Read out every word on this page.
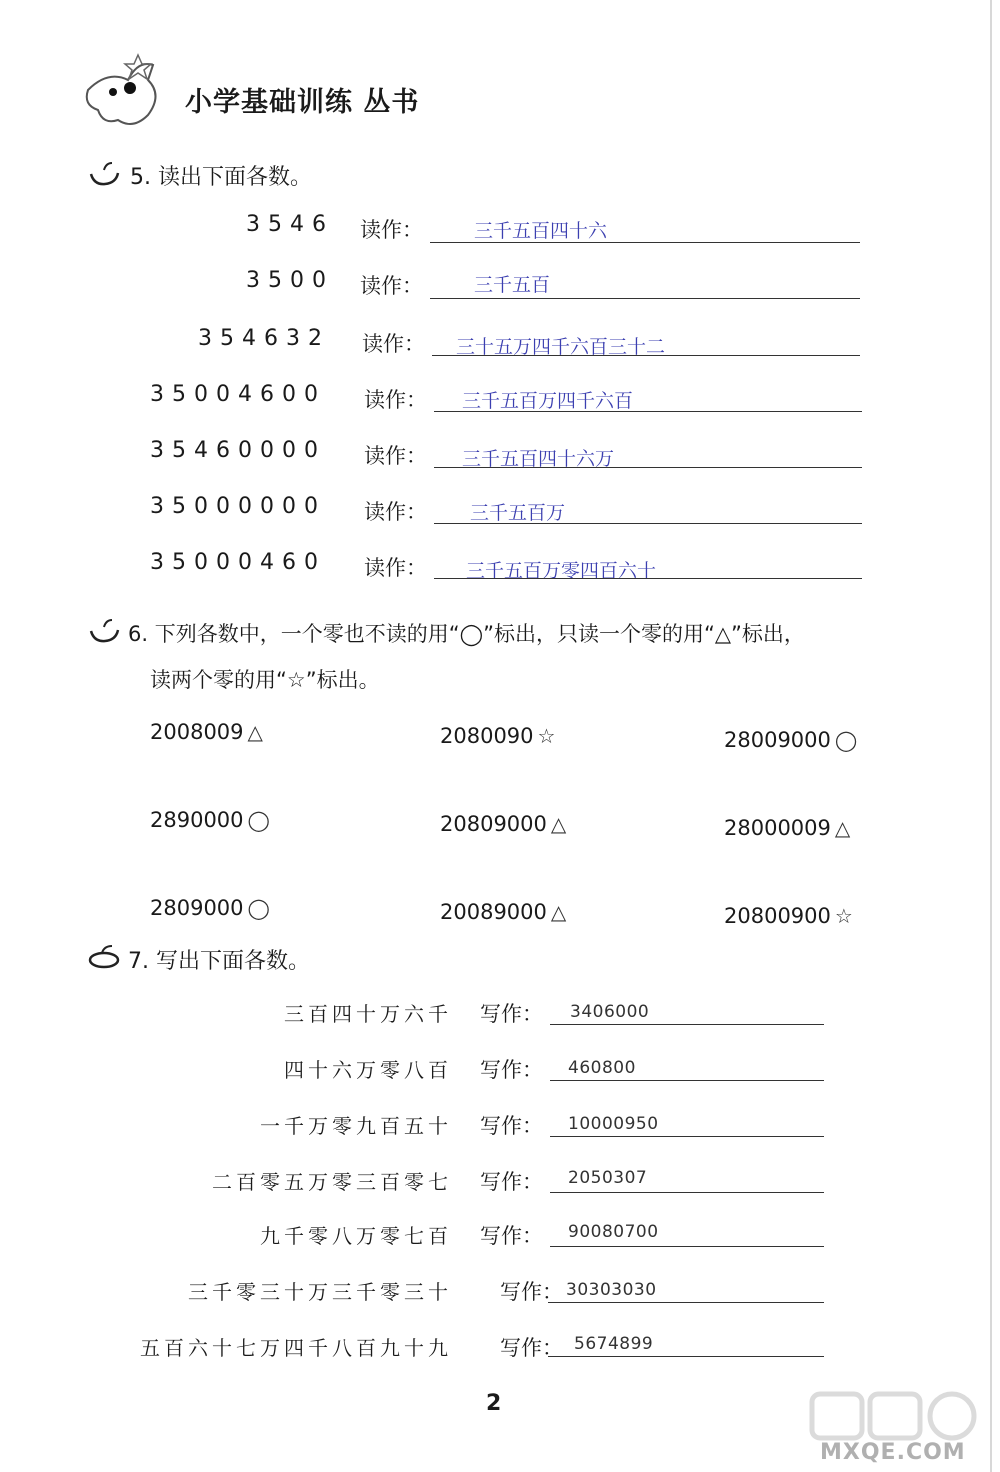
小学基础训练 丛书
5. 读出下面各数。
3546 读作：	三千五百四十六
3500 读作：	三千五百
354632 读作： 三十五万四千六百三十二
35004600 读作： 三千五百万四千六百
35460000 读作： 三千五百四十六万
35000000 读作： 三千五百万
35000460 读作： 三千五百万零四百六十
6. 下列各数中，一个零也不读的用“◯”标出，只读一个零的用“△”标出，
读两个零的用“☆”标出。
2008009 △	2080090 ☆	28009000 ◯
2890000 ◯	20809000 △	28000009 △
2809000 ◯	20089000 △	20800900 ☆
7. 写出下面各数。
三百四十万六千 写作： 3406000
四十六万零八百 写作： 460800
一千万零九百五十 写作： 10000950
二百零五万零三百零七 写作： 2050307
九千零八万零七百 写作： 90080700
三千零三十万三千零三十 写作： 30303030
五百六十七万四千八百九十九 写作： 5674899
2
MXQE.COM
